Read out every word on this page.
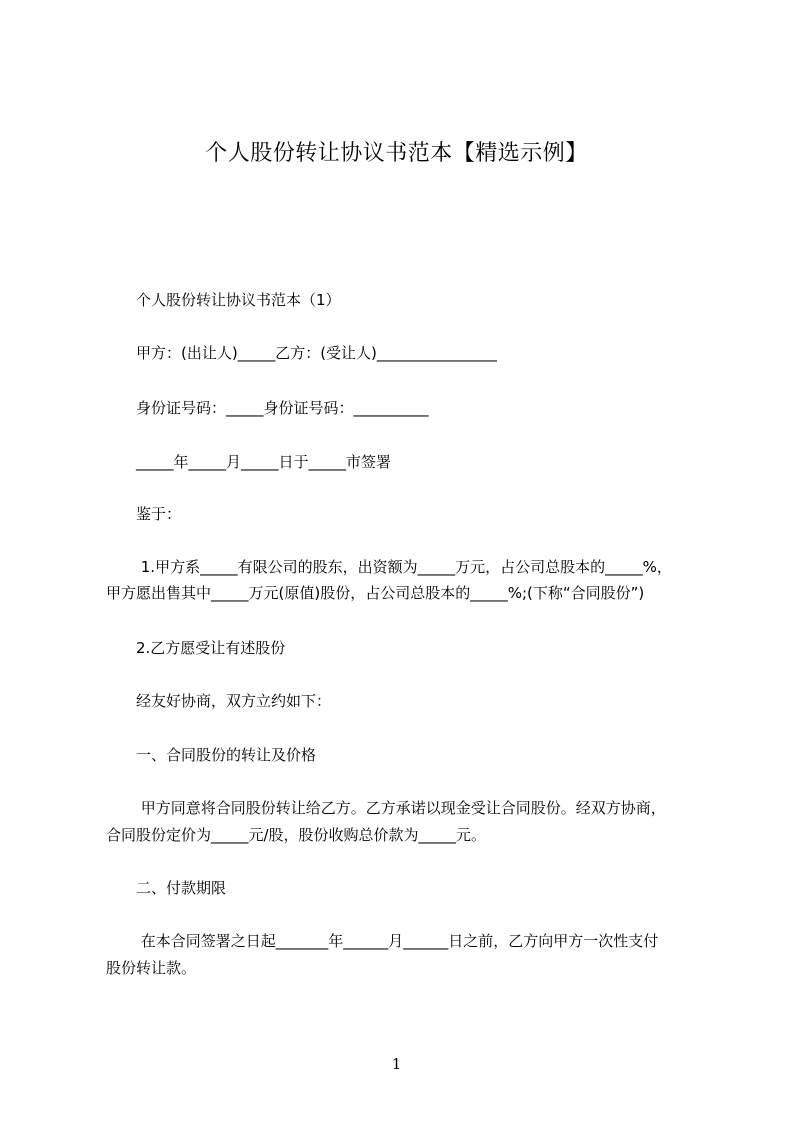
个人股份转让协议书范本【精选示例】
个人股份转让协议书范本（1）
甲方：(出让人)_____乙方：(受让人)________________
身份证号码：_____身份证号码：__________
_____年_____月_____日于_____市签署
鉴于：
1.甲方系_____有限公司的股东，出资额为_____万元，占公司总股本的_____%，
甲方愿出售其中_____万元(原值)股份，占公司总股本的_____%;(下称“合同股份”)
2.乙方愿受让有述股份
经友好协商，双方立约如下：
一、合同股份的转让及价格
甲方同意将合同股份转让给乙方。乙方承诺以现金受让合同股份。经双方协商，
合同股份定价为_____元/股，股份收购总价款为_____元。
二、付款期限
在本合同签署之日起_______年______月______日之前，乙方向甲方一次性支付
股份转让款。
1
